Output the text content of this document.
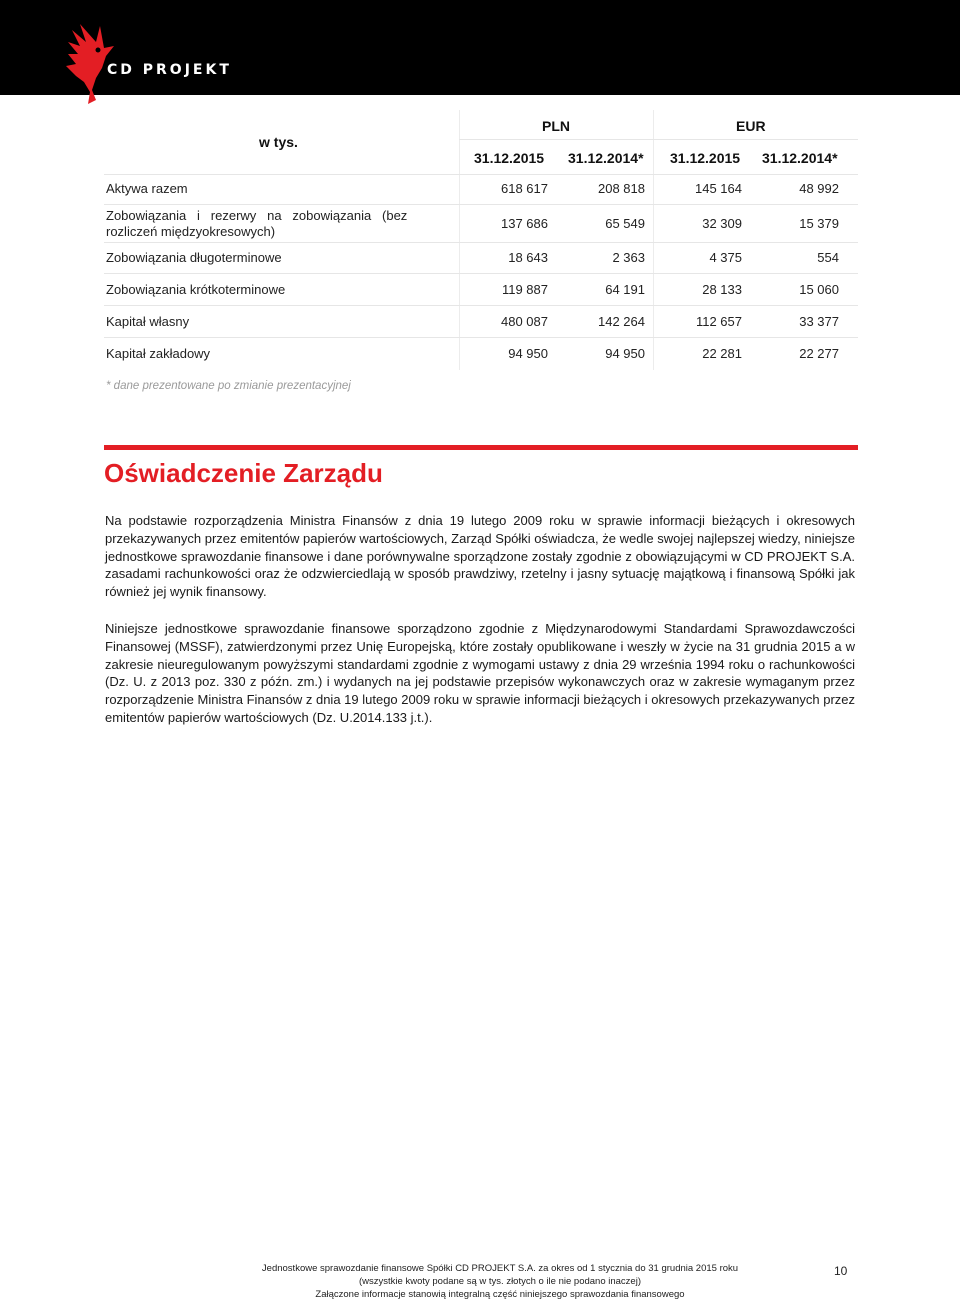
CD PROJEKT
w tys.
PLN	EUR
31.12.2015 31.12.2014* 31.12.2015 31.12.2014*
Aktywa razem	618 617	208 818	145 164	48 992
Zobowiązania   i   rezerwy   na   zobowiązania   (bez
rozliczeń międzyokresowych)
137 686	65 549	32 309	15 379
Zobowiązania długoterminowe	18 643	2 363	4 375	554
Zobowiązania krótkoterminowe	119 887	64 191	28 133	15 060
Kapitał własny	480 087	142 264	112 657	33 377
Kapitał zakładowy	94 950	94 950	22 281	22 277
* dane prezentowane po zmianie prezentacyjnej
Oświadczenie Zarządu

Na podstawie rozporządzenia Ministra Finansów z dnia 19 lutego 2009 roku w sprawie informacji bieżących i okresowych przekazywanych przez emitentów papierów wartościowych, Zarząd Spółki oświadcza, że wedle swojej najlepszej wiedzy, niniejsze jednostkowe sprawozdanie finansowe i dane porównywalne sporządzone zostały zgodnie z obowiązującymi w CD PROJEKT S.A. zasadami rachunkowości oraz że odzwierciedlają w sposób prawdziwy, rzetelny i jasny sytuację majątkową i finansową Spółki jak również jej wynik finansowy.

Niniejsze jednostkowe sprawozdanie finansowe sporządzono zgodnie z Międzynarodowymi Standardami Sprawozdawczości Finansowej (MSSF), zatwierdzonymi przez Unię Europejską, które zostały opublikowane i weszły w życie na 31 grudnia 2015 a w zakresie nieuregulowanym powyższymi standardami zgodnie z wymogami ustawy z dnia 29 września 1994 roku o rachunkowości (Dz. U. z 2013 poz. 330 z późn. zm.) i wydanych na jej podstawie przepisów wykonawczych oraz w zakresie wymaganym przez rozporządzenie Ministra Finansów z dnia 19 lutego 2009 roku w sprawie informacji bieżących i okresowych przekazywanych przez emitentów papierów wartościowych (Dz. U.2014.133 j.t.).

Jednostkowe sprawozdanie finansowe Spółki CD PROJEKT S.A. za okres od 1 stycznia do 31 grudnia 2015 roku
(wszystkie kwoty podane są w tys. złotych o ile nie podano inaczej)
Załączone informacje stanowią integralną część niniejszego sprawozdania finansowego
10
